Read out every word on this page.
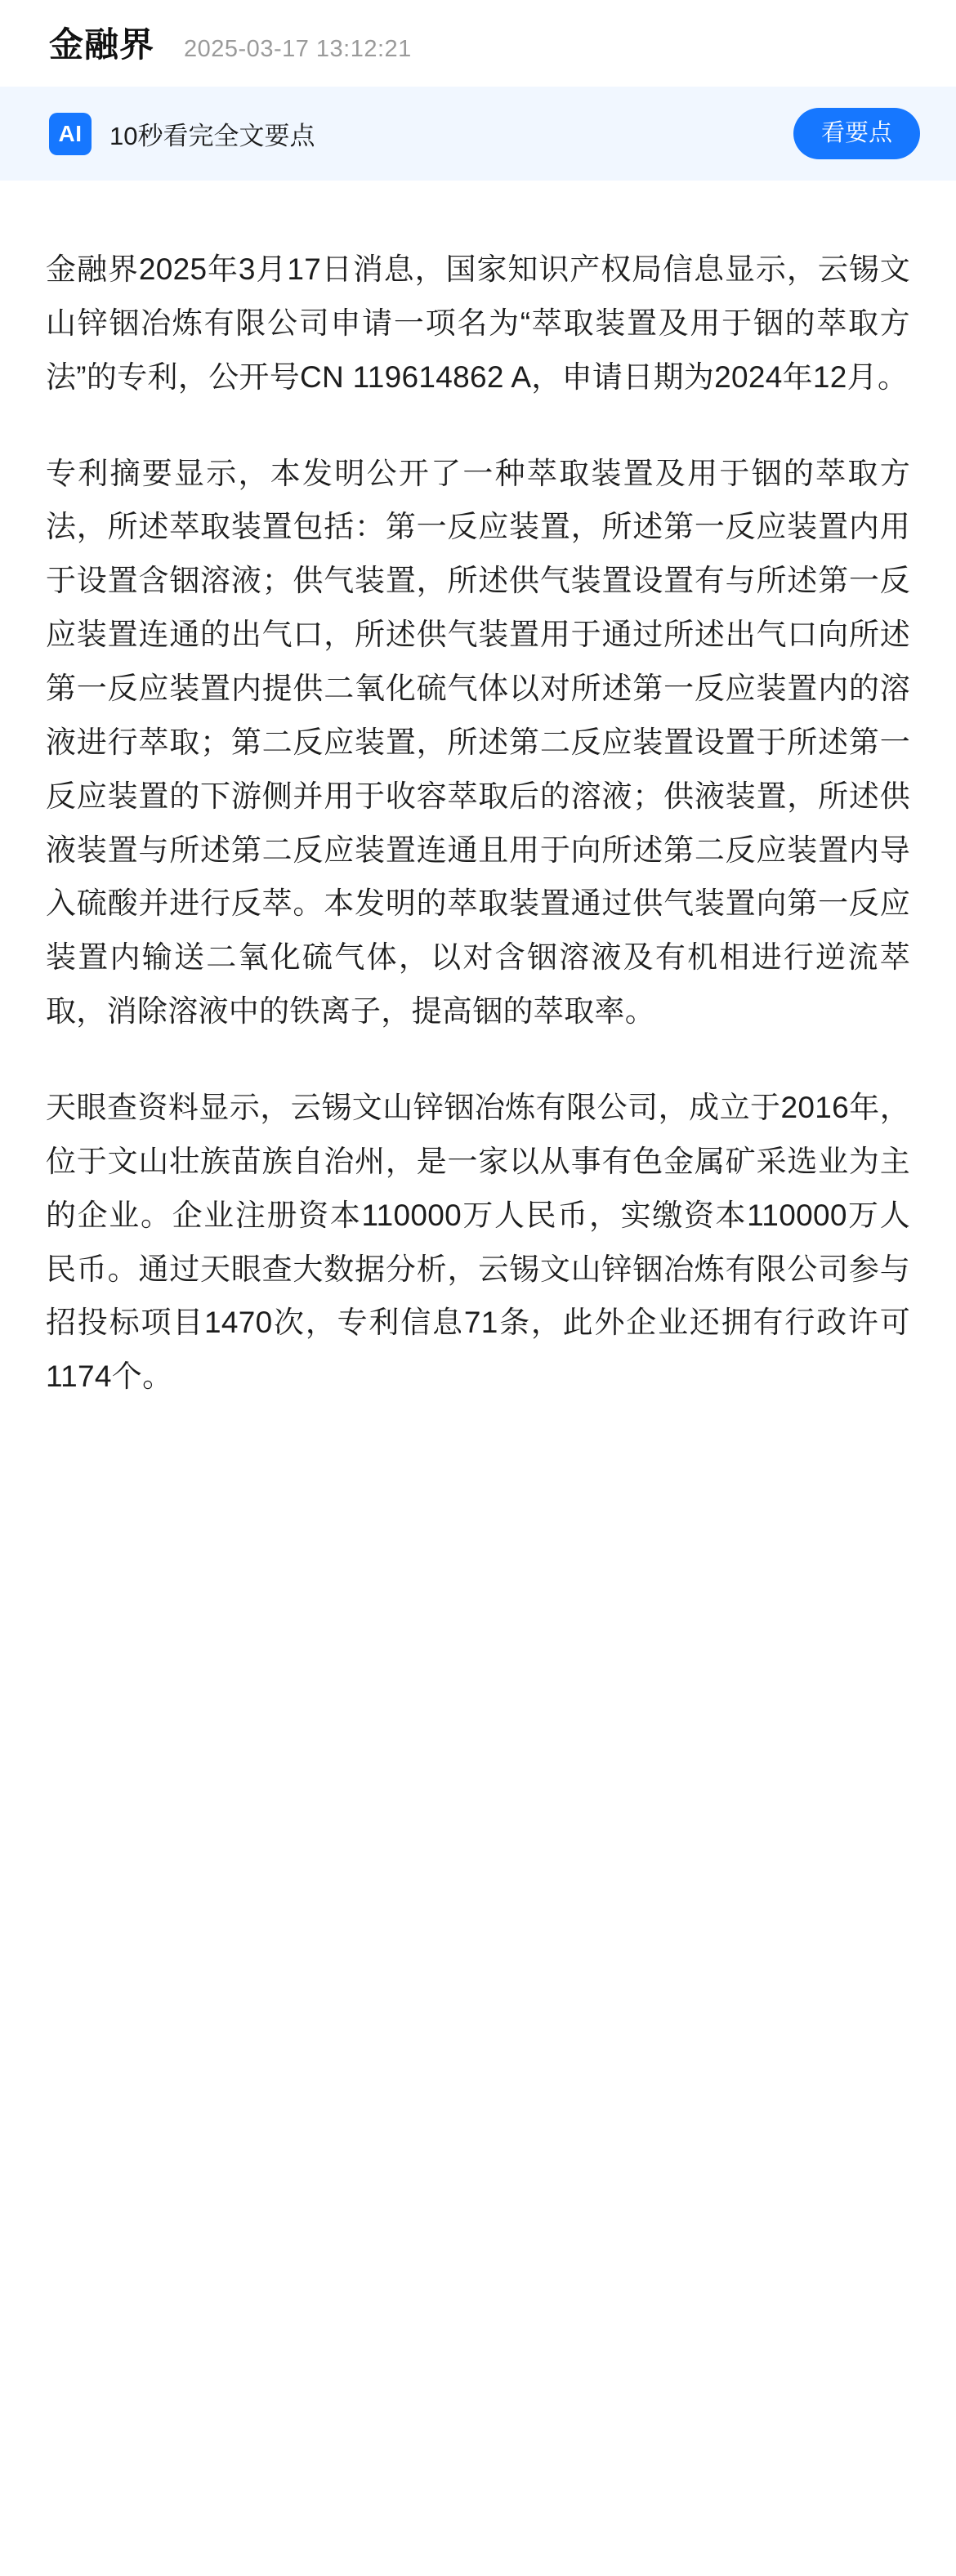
金融界 2025-03-17 13:12:21
AI	10秒看完全文要点	看要点

金融界2025年3月17日消息，国家知识产权局信息显示，云锡文山锌铟冶炼有限公司申请一项名为“萃取装置及用于铟的萃取方法”的专利，公开号CN 119614862 A，申请日期为2024年12月。

专利摘要显示，本发明公开了一种萃取装置及用于铟的萃取方法，所述萃取装置包括：第一反应装置，所述第一反应装置内用于设置含铟溶液；供气装置，所述供气装置设置有与所述第一反应装置连通的出气口，所述供气装置用于通过所述出气口向所述第一反应装置内提供二氧化硫气体以对所述第一反应装置内的溶液进行萃取；第二反应装置，所述第二反应装置设置于所述第一反应装置的下游侧并用于收容萃取后的溶液；供液装置，所述供液装置与所述第二反应装置连通且用于向所述第二反应装置内导入硫酸并进行反萃。本发明的萃取装置通过供气装置向第一反应装置内输送二氧化硫气体，以对含铟溶液及有机相进行逆流萃取，消除溶液中的铁离子，提高铟的萃取率。

天眼查资料显示，云锡文山锌铟冶炼有限公司，成立于2016年，位于文山壮族苗族自治州，是一家以从事有色金属矿采选业为主的企业。企业注册资本110000万人民币，实缴资本110000万人民币。通过天眼查大数据分析，云锡文山锌铟冶炼有限公司参与招投标项目1470次，专利信息71条，此外企业还拥有行政许可1174个。
